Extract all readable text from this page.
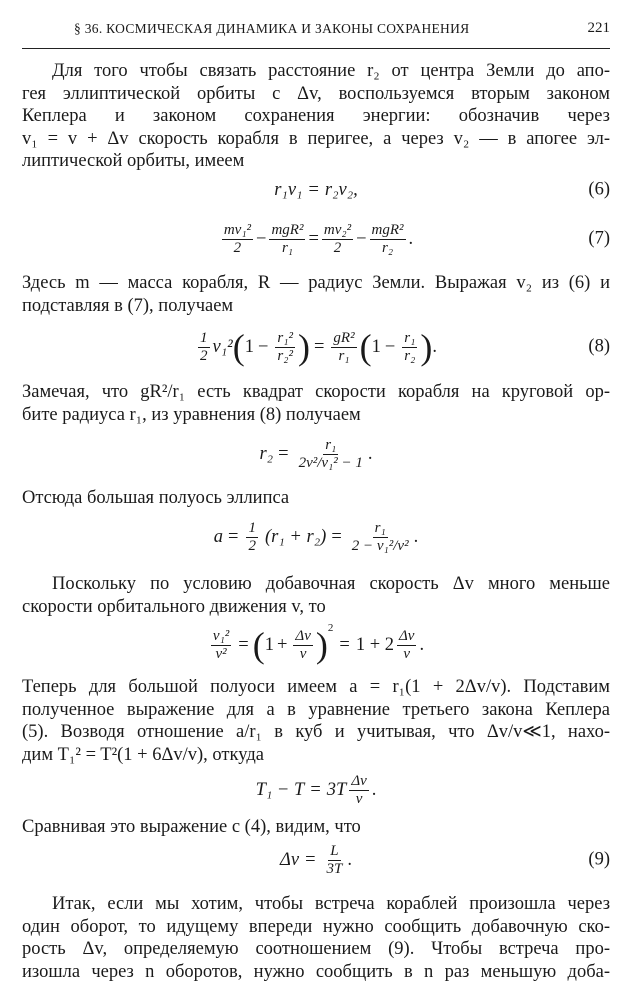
§ 36. КОСМИЧЕСКАЯ ДИНАМИКА И ЗАКОНЫ СОХРАНЕНИЯ	221
Для того чтобы связать расстояние r₂ от центра Земли до апо-
гея эллиптической орбиты с Δv, воспользуемся вторым законом
Кеплера и законом сохранения энергии: обозначив через
v₁ = v + Δv скорость корабля в перигее, а через v₂ — в апогее эл-
липтической орбиты, имеем
r₁v₁ = r₂v₂,	(6)
$\frac{\text{mv₁²}}{2} - \frac{\text{mgR²}}{\text{r₁}} = \frac{\text{mv₂²}}{2} - \frac{\text{mgR²}}{\text{r₂}}$ .	(7)
Здесь m — масса корабля, R — радиус Земли. Выражая v₂ из (6) и
подставляя в (7), получаем
$\frac{1}{2} v_1^2$ ( $1 - \frac{\text{r₁²}}{\text{r₂²}}$ ) = $\frac{\text{gR²}}{\text{r₁}}$ ( $1 - \frac{\text{r₁}}{\text{r₂}}$ ) .	(8)
Замечая, что gR²/r₁ есть квадрат скорости корабля на круговой ор-
бите радиуса r₁, из уравнения (8) получаем
$r_2 = \frac{\text{r₁}}{\text{2v²/v₁² − 1}}$ .
Отсюда большая полуось эллипса
$a = \frac{1}{2} (r_1 + r_2) = \frac{\text{r₁}}{\text{2 − v₁²/v²}}$ .
Поскольку по условию добавочная скорость Δv много меньше
скорости орбитального движения v, то
$\frac{\text{v₁²}}{\text{v²}}$ = ( $1 + \frac{\Delta v}{v} )^2$
= $1 + 2 \frac{\Delta v}{v}$ .
Теперь для большой полуоси имеем a = r₁(1 + 2Δv/v). Подставим
полученное выражение для a в уравнение третьего закона Кеплера
(5). Возводя отношение a/r₁ в куб и учитывая, что Δv/v≪1, нахо-
дим T₁² = T²(1 + 6Δv/v), откуда
$T_1 - T = 3T \frac{\Delta v}{v}$ .
Сравнивая это выражение с (4), видим, что
$\Delta v = \frac{L}{3T}$ .	(9)
Итак, если мы хотим, чтобы встреча кораблей произошла через
один оборот, то идущему впереди нужно сообщить добавочную ско-
рость Δv, определяемую соотношением (9). Чтобы встреча про-
изошла через n оборотов, нужно сообщить в n раз меньшую доба-
